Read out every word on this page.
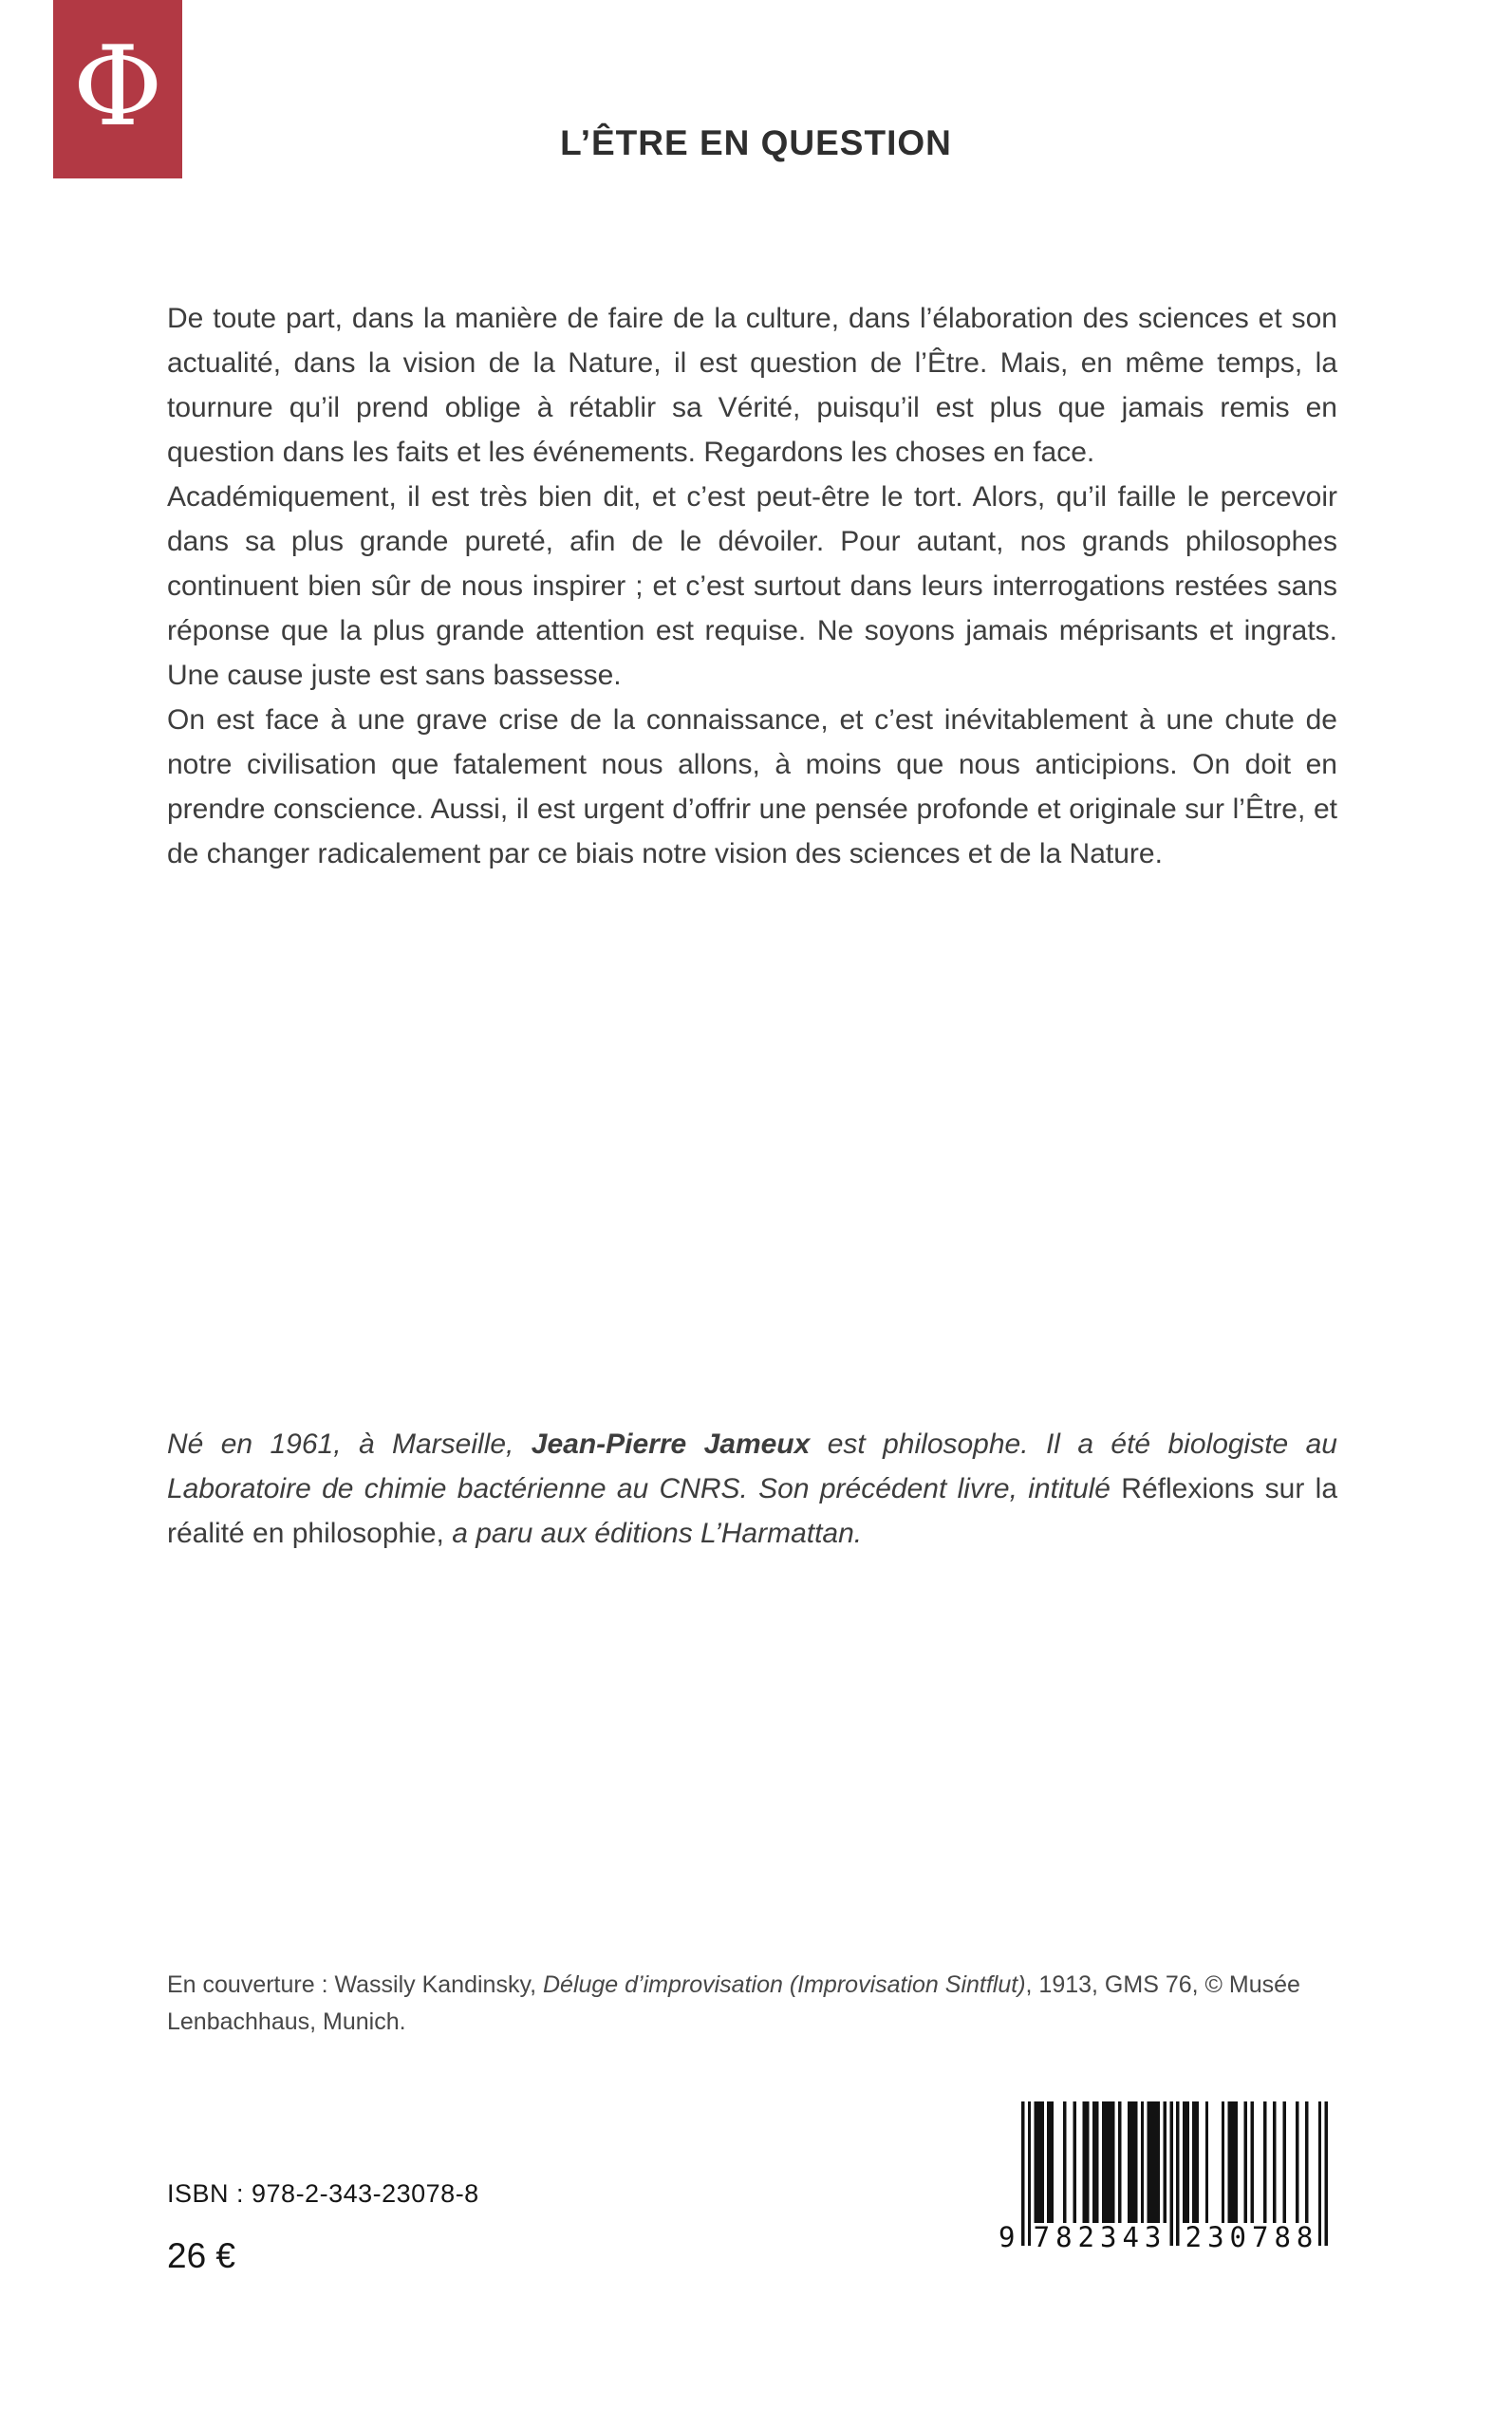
Φ	L’ÊTRE EN QUESTION

De toute part, dans la manière de faire de la culture, dans l’élaboration des sciences et son actualité, dans la vision de la Nature, il est question de l’Être. Mais, en même temps, la tournure qu’il prend oblige à rétablir sa Vérité, puisqu’il est plus que jamais remis en question dans les faits et les événements. Regardons les choses en face.

Académiquement, il est très bien dit, et c’est peut-être le tort. Alors, qu’il faille le percevoir dans sa plus grande pureté, afin de le dévoiler. Pour autant, nos grands philosophes continuent bien sûr de nous inspirer ; et c’est surtout dans leurs interrogations restées sans réponse que la plus grande attention est requise. Ne soyons jamais méprisants et ingrats. Une cause juste est sans bassesse.

On est face à une grave crise de la connaissance, et c’est inévitablement à une chute de notre civilisation que fatalement nous allons, à moins que nous anticipions. On doit en prendre conscience. Aussi, il est urgent d’offrir une pensée profonde et originale sur l’Être, et de changer radicalement par ce biais notre vision des sciences et de la Nature.

Né en 1961, à Marseille, Jean-Pierre Jameux est philosophe. Il a été biologiste au Laboratoire de chimie bactérienne au CNRS. Son précédent livre, intitulé Réflexions sur la réalité en philosophie, a paru aux éditions L’Harmattan.

En couverture : Wassily Kandinsky, Déluge d’improvisation (Improvisation Sintflut), 1913, GMS 76, © Musée Lenbachhaus, Munich.

9 782343 230788
ISBN : 978-2-343-23078-8
26 €
